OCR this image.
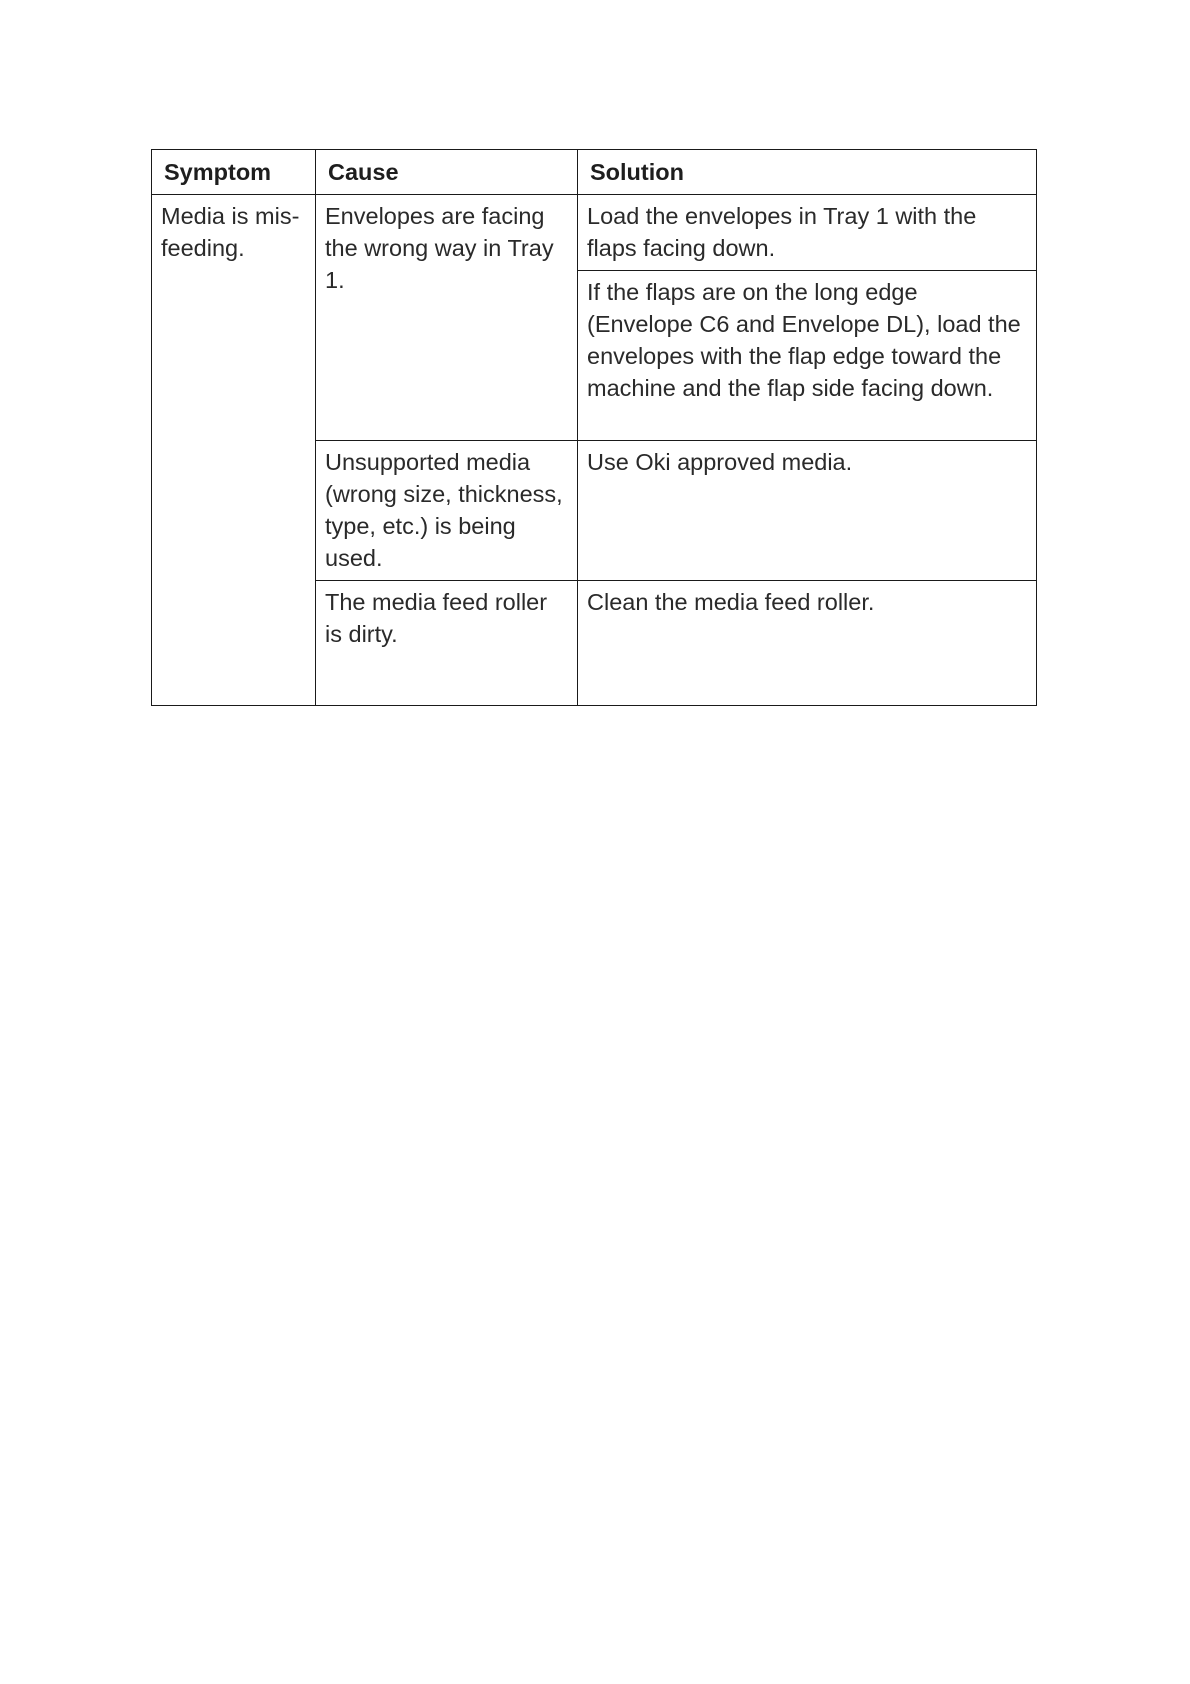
Symptom	Cause	Solution
Media is mis-feeding.	Envelopes are facing the wrong way in Tray 1.	Load the envelopes in Tray 1 with the flaps facing down.
		If the flaps are on the long edge (Envelope C6 and Envelope DL), load the envelopes with the flap edge toward the machine and the flap side facing down.
	Unsupported media (wrong size, thickness, type, etc.) is being used.	Use Oki approved media.
	The media feed roller is dirty.	Clean the media feed roller.
